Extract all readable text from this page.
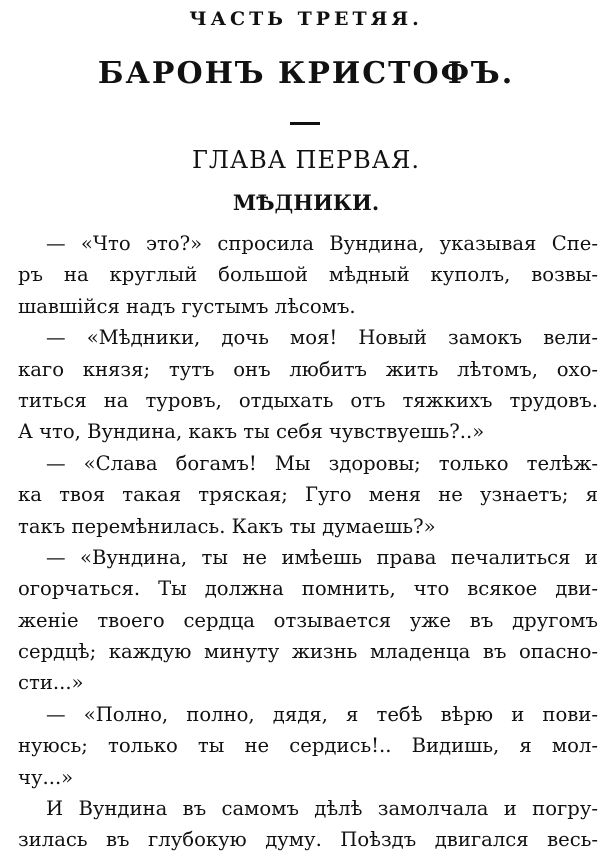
ЧАСТЬ ТРЕТЯЯ.
БАРОНЪ КРИСТОФЪ.
ГЛАВА ПЕРВАЯ.
МѢДНИКИ.
— «Что это?» спросила Вундина, указывая Спе-
ръ на круглый большой мѣдный куполъ, возвы-
шавшійся надъ густымъ лѣсомъ.
— «Мѣдники, дочь моя! Новый замокъ вели-
каго князя; тутъ онъ любитъ жить лѣтомъ, охо-
титься на туровъ, отдыхать отъ тяжкихъ трудовъ.
А что, Вундина, какъ ты себя чувствуешь?..»
— «Слава богамъ! Мы здоровы; только телѣж-
ка твоя такая тряская; Гуго меня не узнаетъ; я
такъ перемѣнилась. Какъ ты думаешь?»
— «Вундина, ты не имѣешь права печалиться и
огорчаться. Ты должна помнить, что всякое дви-
женіе твоего сердца отзывается уже въ другомъ
сердцѣ; каждую минуту жизнь младенца въ опасно-
сти...»
— «Полно, полно, дядя, я тебѣ вѣрю и пови-
нуюсь; только ты не сердись!.. Видишь, я мол-
чу...»
И Вундина въ самомъ дѣлѣ замолчала и погру-
зилась въ глубокую думу. Поѣздъ двигался весь-
